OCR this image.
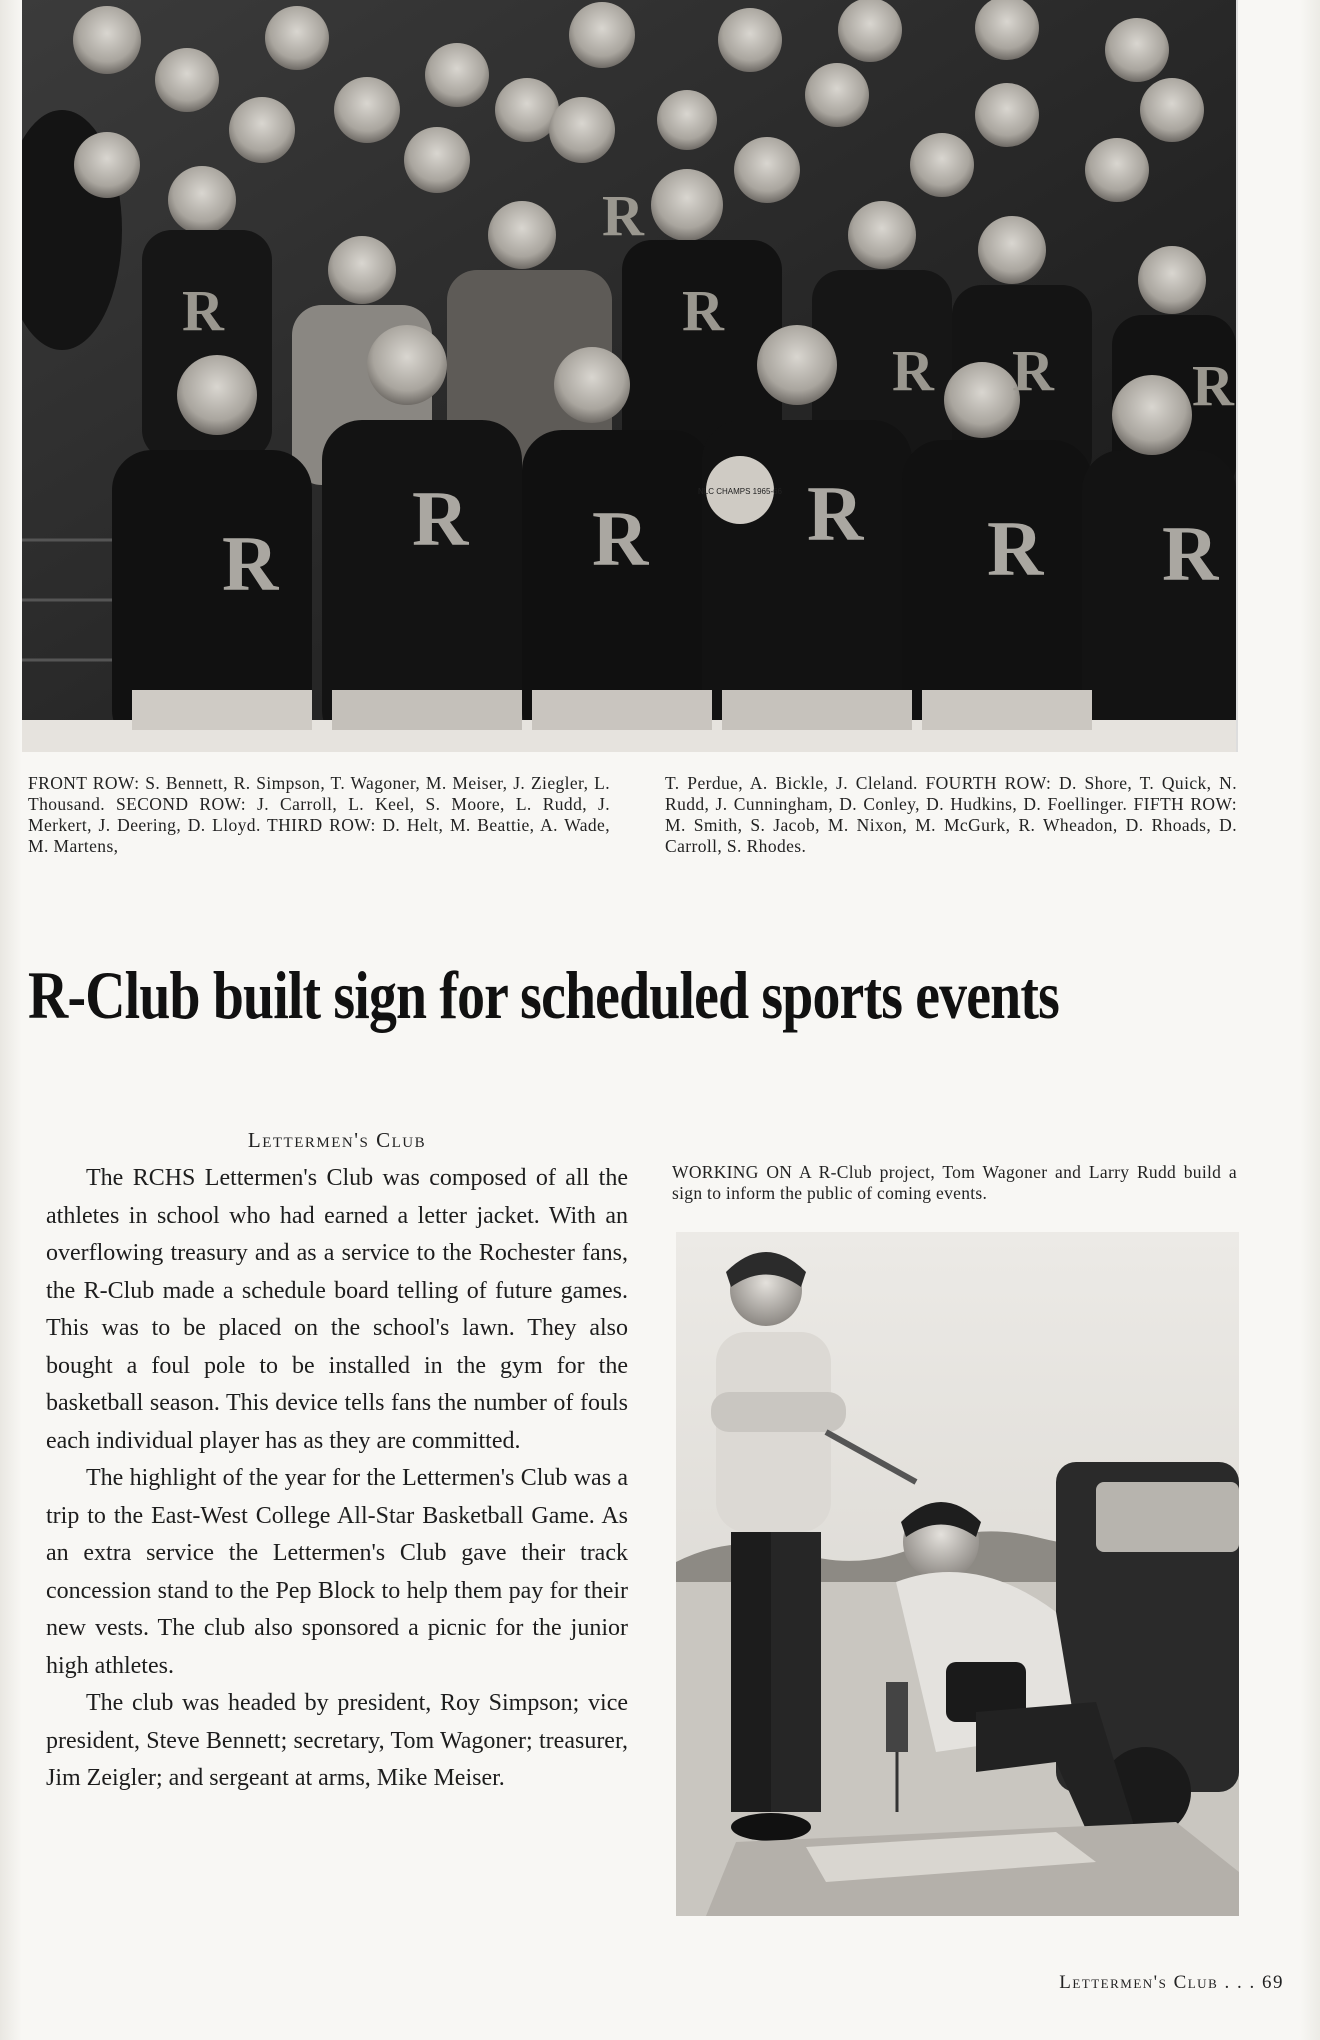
R
R R R R R
R
R
R
R R R
NLC CHAMPS 1965-66
FRONT ROW: S. Bennett, R. Simpson, T. Wagoner, M. Meiser, J. Ziegler, L. Thousand. SECOND ROW: J. Carroll, L. Keel, S. Moore, L. Rudd, J. Merkert, J. Deering, D. Lloyd. THIRD ROW: D. Helt, M. Beattie, A. Wade, M. Martens,
T. Perdue, A. Bickle, J. Cleland. FOURTH ROW: D. Shore, T. Quick, N. Rudd, J. Cunningham, D. Conley, D. Hudkins, D. Foellinger. FIFTH ROW: M. Smith, S. Jacob, M. Nixon, M. McGurk, R. Wheadon, D. Rhoads, D. Carroll, S. Rhodes.
R-Club built sign for scheduled sports events
Lettermen's Club

The RCHS Lettermen's Club was composed of all the athletes in school who had earned a letter jacket. With an overflowing treasury and as a service to the Rochester fans, the R-Club made a schedule board telling of future games. This was to be placed on the school's lawn. They also bought a foul pole to be installed in the gym for the basketball season. This device tells fans the number of fouls each individual player has as they are committed.

The highlight of the year for the Lettermen's Club was a trip to the East-West College All-Star Basketball Game. As an extra service the Lettermen's Club gave their track concession stand to the Pep Block to help them pay for their new vests. The club also sponsored a picnic for the junior high athletes.

The club was headed by president, Roy Simpson; vice president, Steve Bennett; secretary, Tom Wagoner; treasurer, Jim Zeigler; and sergeant at arms, Mike Meiser.

WORKING ON A R-Club project, Tom Wagoner and Larry Rudd build a sign to inform the public of coming events.
Lettermen's Club . . . 69
